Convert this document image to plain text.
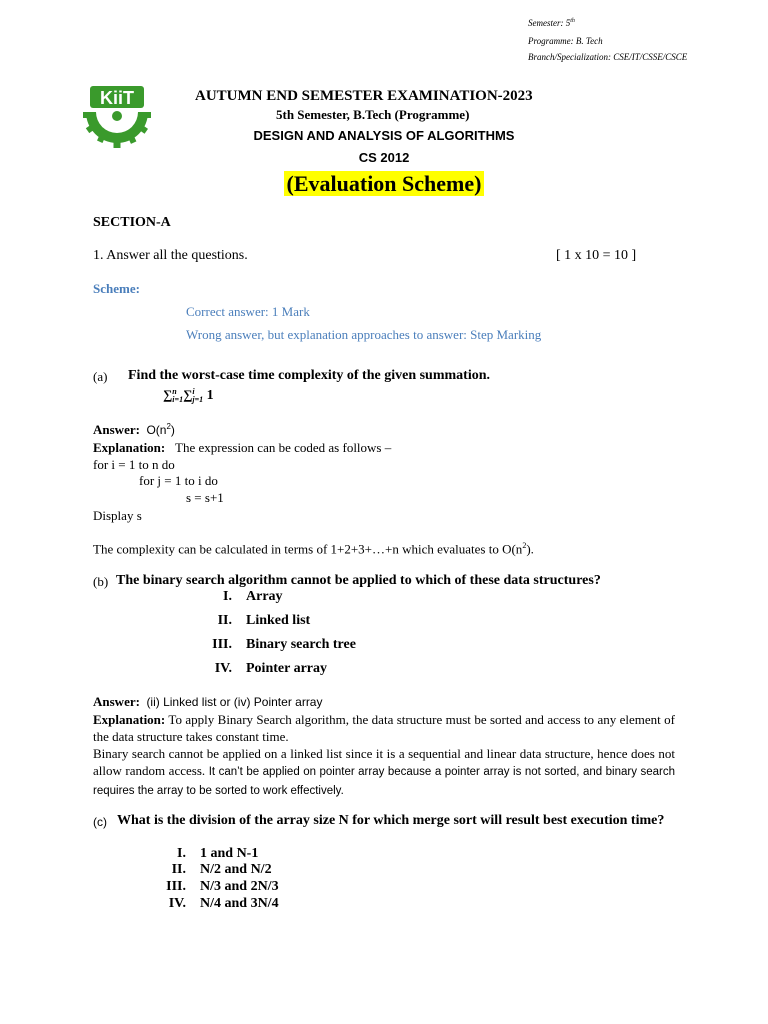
Semester: 5th
Programme: B. Tech
Branch/Specialization: CSE/IT/CSSE/CSCE
KiiT	AUTUMN END SEMESTER EXAMINATION-2023
5th Semester, B.Tech (Programme)
DESIGN AND ANALYSIS OF ALGORITHMS
CS 2012
(Evaluation Scheme)
SECTION-A
1. Answer all the questions.	[ 1 x 10 = 10 ]
Scheme:
Correct answer: 1 Mark
Wrong answer, but explanation approaches to answer: Step Marking
(a) Find the worst-case time complexity of the given summation.
∑n
i=1∑i
j=1 1
Answer: $O(n^2)$
Explanation: The expression can be coded as follows –
for i = 1 to n do
for j = 1 to i do
s = s+1
Display s
The complexity can be calculated in terms of 1+2+3+…+n which evaluates to $O(n^2)$.
(b) The binary search algorithm cannot be applied to which of these data structures?
I. Array
II. Linked list
III. Binary search tree
IV. Pointer array
Answer: (ii) Linked list or (iv) Pointer array
Explanation: To apply Binary Search algorithm, the data structure must be sorted and access to any element of the data structure takes constant time.
Binary search cannot be applied on a linked list since it is a sequential and linear data structure, hence does not allow random access. It can’t be applied on pointer array because a pointer array is not sorted, and binary search requires the array to be sorted to work effectively.
(c) What is the division of the array size N for which merge sort will result best execution time?
I. 1 and N-1
II. N/2 and N/2
III. N/3 and 2N/3
IV. N/4 and 3N/4
